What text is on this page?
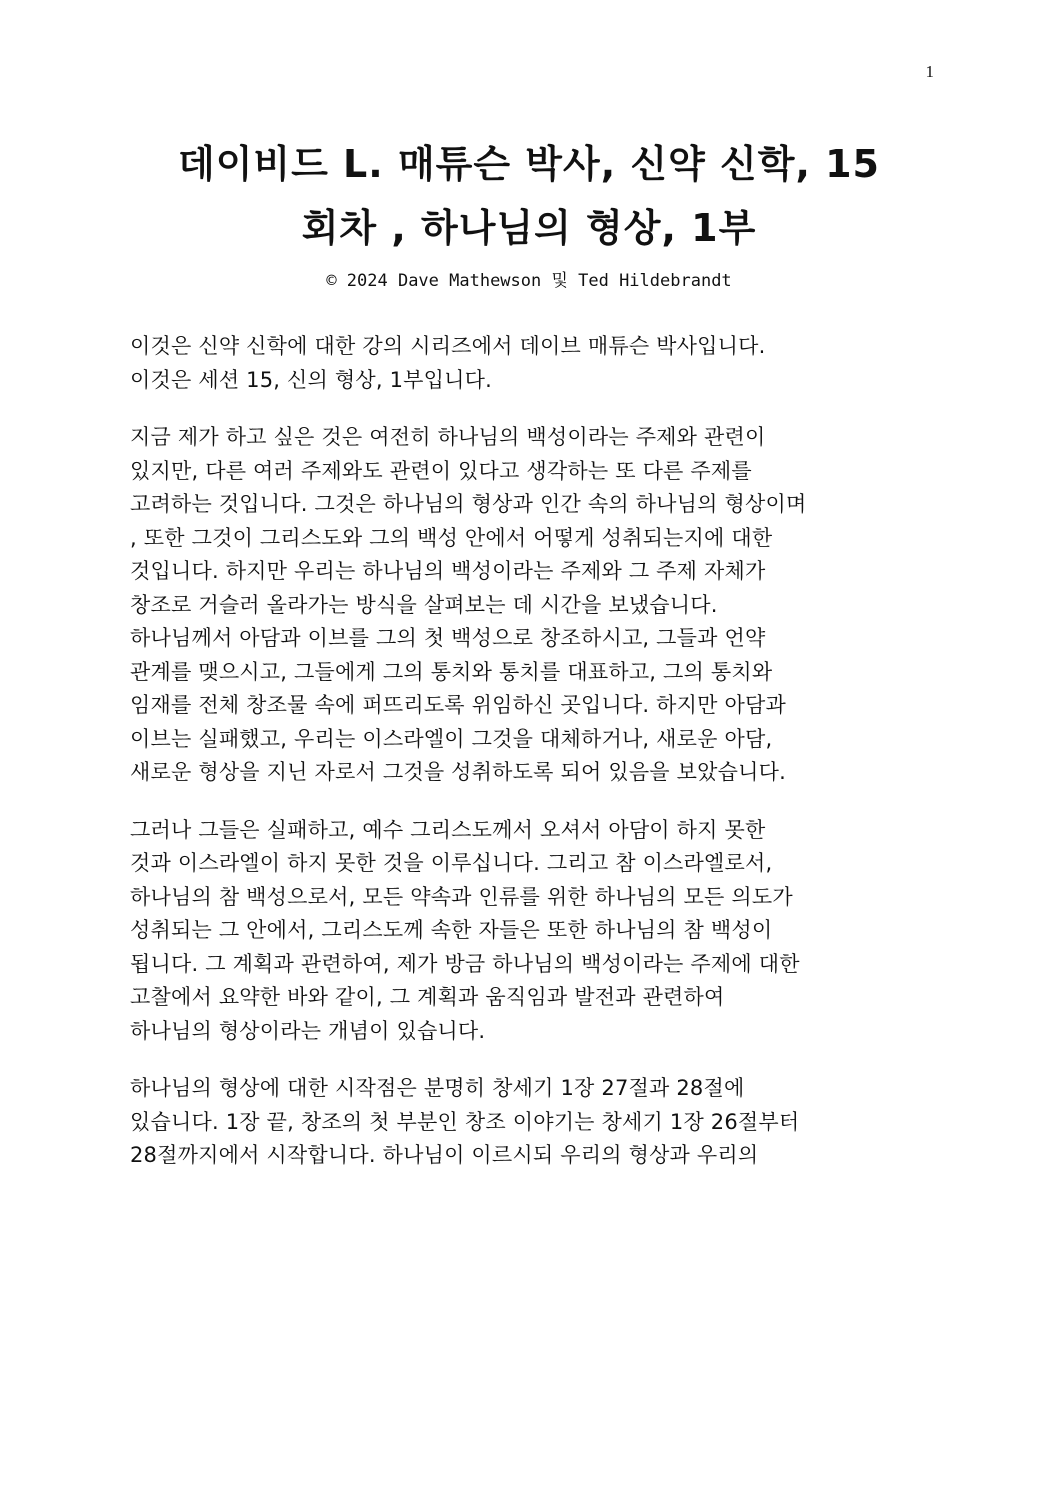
1
데이비드 L. 매튜슨 박사, 신약 신학, 15
회차 , 하나님의 형상, 1부
© 2024 Dave Mathewson 및 Ted Hildebrandt
이것은 신약 신학에 대한 강의 시리즈에서 데이브 매튜슨 박사입니다.
이것은 세션 15, 신의 형상, 1부입니다.
지금 제가 하고 싶은 것은 여전히 하나님의 백성이라는 주제와 관련이
있지만, 다른 여러 주제와도 관련이 있다고 생각하는 또 다른 주제를
고려하는 것입니다. 그것은 하나님의 형상과 인간 속의 하나님의 형상이며
, 또한 그것이 그리스도와 그의 백성 안에서 어떻게 성취되는지에 대한
것입니다. 하지만 우리는 하나님의 백성이라는 주제와 그 주제 자체가
창조로 거슬러 올라가는 방식을 살펴보는 데 시간을 보냈습니다.
하나님께서 아담과 이브를 그의 첫 백성으로 창조하시고, 그들과 언약
관계를 맺으시고, 그들에게 그의 통치와 통치를 대표하고, 그의 통치와
임재를 전체 창조물 속에 퍼뜨리도록 위임하신 곳입니다. 하지만 아담과
이브는 실패했고, 우리는 이스라엘이 그것을 대체하거나, 새로운 아담,
새로운 형상을 지닌 자로서 그것을 성취하도록 되어 있음을 보았습니다.
그러나 그들은 실패하고, 예수 그리스도께서 오셔서 아담이 하지 못한
것과 이스라엘이 하지 못한 것을 이루십니다. 그리고 참 이스라엘로서,
하나님의 참 백성으로서, 모든 약속과 인류를 위한 하나님의 모든 의도가
성취되는 그 안에서, 그리스도께 속한 자들은 또한 하나님의 참 백성이
됩니다. 그 계획과 관련하여, 제가 방금 하나님의 백성이라는 주제에 대한
고찰에서 요약한 바와 같이, 그 계획과 움직임과 발전과 관련하여
하나님의 형상이라는 개념이 있습니다.
하나님의 형상에 대한 시작점은 분명히 창세기 1장 27절과 28절에
있습니다. 1장 끝, 창조의 첫 부분인 창조 이야기는 창세기 1장 26절부터
28절까지에서 시작합니다. 하나님이 이르시되 우리의 형상과 우리의
